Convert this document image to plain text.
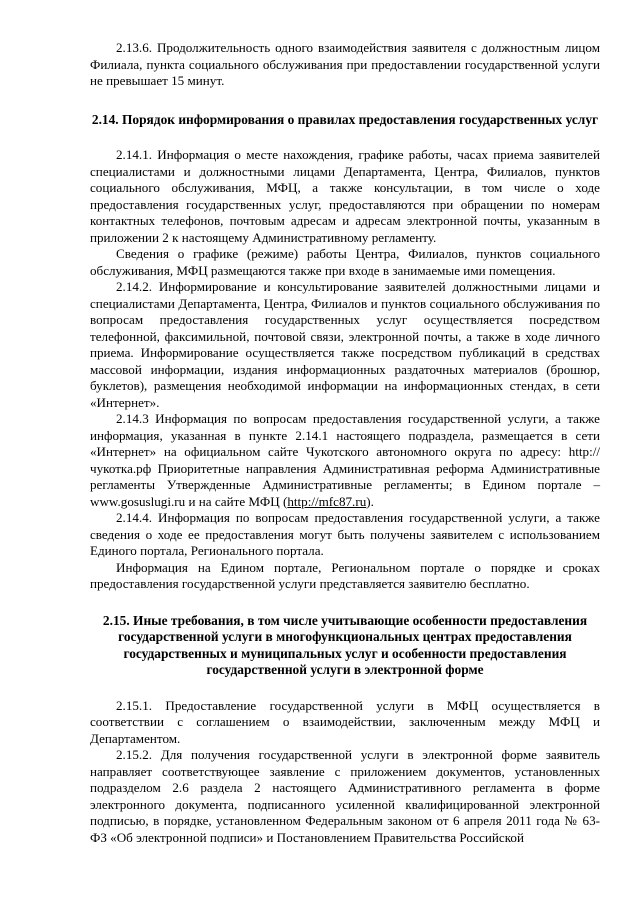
2.13.6. Продолжительность одного взаимодействия заявителя с должностным лицом Филиала, пункта социального обслуживания при предоставлении государственной услуги не превышает 15 минут.

2.14. Порядок информирования о правилах предоставления государственных услуг

2.14.1. Информация о месте нахождения, графике работы, часах приема заявителей специалистами и должностными лицами Департамента, Центра, Филиалов, пунктов социального обслуживания, МФЦ, а также консультации, в том числе о ходе предоставления государственных услуг, предоставляются при обращении по номерам контактных телефонов, почтовым адресам и адресам электронной почты, указанным в приложении 2 к настоящему Административному регламенту.

Сведения о графике (режиме) работы Центра, Филиалов, пунктов социального обслуживания, МФЦ размещаются также при входе в занимаемые ими помещения.

2.14.2. Информирование и консультирование заявителей должностными лицами и специалистами Департамента, Центра, Филиалов и пунктов социального обслуживания по вопросам предоставления государственных услуг осуществляется посредством телефонной, факсимильной, почтовой связи, электронной почты, а также в ходе личного приема. Информирование осуществляется также посредством публикаций в средствах массовой информации, издания информационных раздаточных материалов (брошюр, буклетов), размещения необходимой информации на информационных стендах, в сети «Интернет».

2.14.3 Информация по вопросам предоставления государственной услуги, а также информация, указанная в пункте 2.14.1 настоящего подраздела, размещается в сети «Интернет» на официальном сайте Чукотского автономного округа по адресу: http://чукотка.рф Приоритетные направления Административная реформа Административные регламенты Утвержденные Административные регламенты; в Едином портале – www.gosuslugi.ru и на сайте МФЦ (http://mfc87.ru).

2.14.4. Информация по вопросам предоставления государственной услуги, а также сведения о ходе ее предоставления могут быть получены заявителем с использованием Единого портала, Регионального портала.

Информация на Едином портале, Региональном портале о порядке и сроках предоставления государственной услуги представляется заявителю бесплатно.

2.15. Иные требования, в том числе учитывающие особенности предоставления государственной услуги в многофункциональных центрах предоставления государственных и муниципальных услуг и особенности предоставления государственной услуги в электронной форме

2.15.1. Предоставление государственной услуги в МФЦ осуществляется в соответствии с соглашением о взаимодействии, заключенным между МФЦ и Департаментом.

2.15.2. Для получения государственной услуги в электронной форме заявитель направляет соответствующее заявление с приложением документов, установленных подразделом 2.6 раздела 2 настоящего Административного регламента в форме электронного документа, подписанного усиленной квалифицированной электронной подписью, в порядке, установленном Федеральным законом от 6 апреля 2011 года № 63-ФЗ «Об электронной подписи» и Постановлением Правительства Российской
